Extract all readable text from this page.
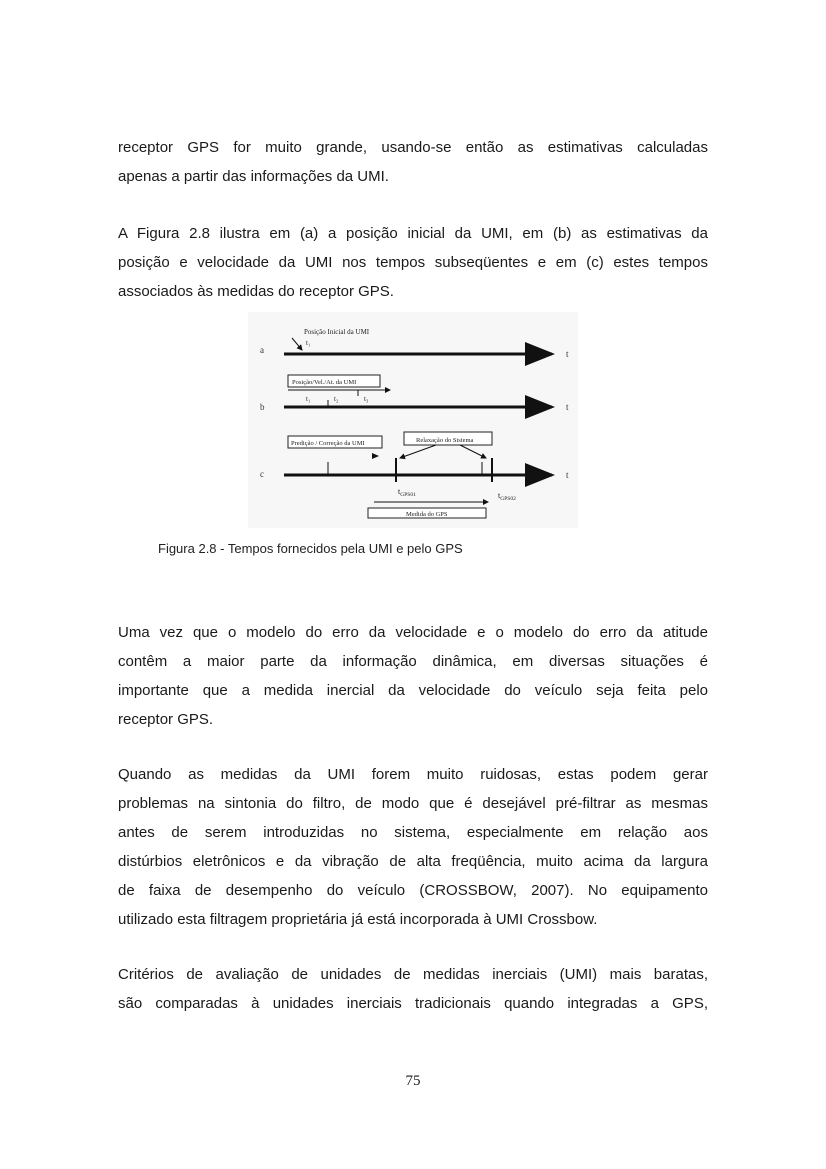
receptor GPS for muito grande, usando-se então as estimativas calculadas
apenas a partir das informações da UMI.
A Figura 2.8 ilustra em (a) a posição inicial da UMI, em (b) as estimativas da
posição e velocidade da UMI nos tempos subseqüentes e em (c) estes tempos
associados às medidas do receptor GPS.
a	t
Posição Inicial da UMI
t₁
b
Posição/Vel./At. da UMI
t₁	t₂	t₃
t
c
Predição / Correção da UMI	Relaxação do Sistema
t
$t_{GPS01}$	$t_{GPS02}$
Medida do GPS
Figura 2.8 - Tempos fornecidos pela UMI e pelo GPS
Uma vez que o modelo do erro da velocidade e o modelo do erro da atitude
contêm a maior parte da informação dinâmica, em diversas situações é
importante que a medida inercial da velocidade do veículo seja feita pelo
receptor GPS.
Quando as medidas da UMI forem muito ruidosas, estas podem gerar
problemas na sintonia do filtro, de modo que é desejável pré-filtrar as mesmas
antes de serem introduzidas no sistema, especialmente em relação aos
distúrbios eletrônicos e da vibração de alta freqüência, muito acima da largura
de faixa de desempenho do veículo (CROSSBOW, 2007). No equipamento
utilizado esta filtragem proprietária já está incorporada à UMI Crossbow.
Critérios de avaliação de unidades de medidas inerciais (UMI) mais baratas,
são comparadas à unidades inerciais tradicionais quando integradas a GPS,
75
